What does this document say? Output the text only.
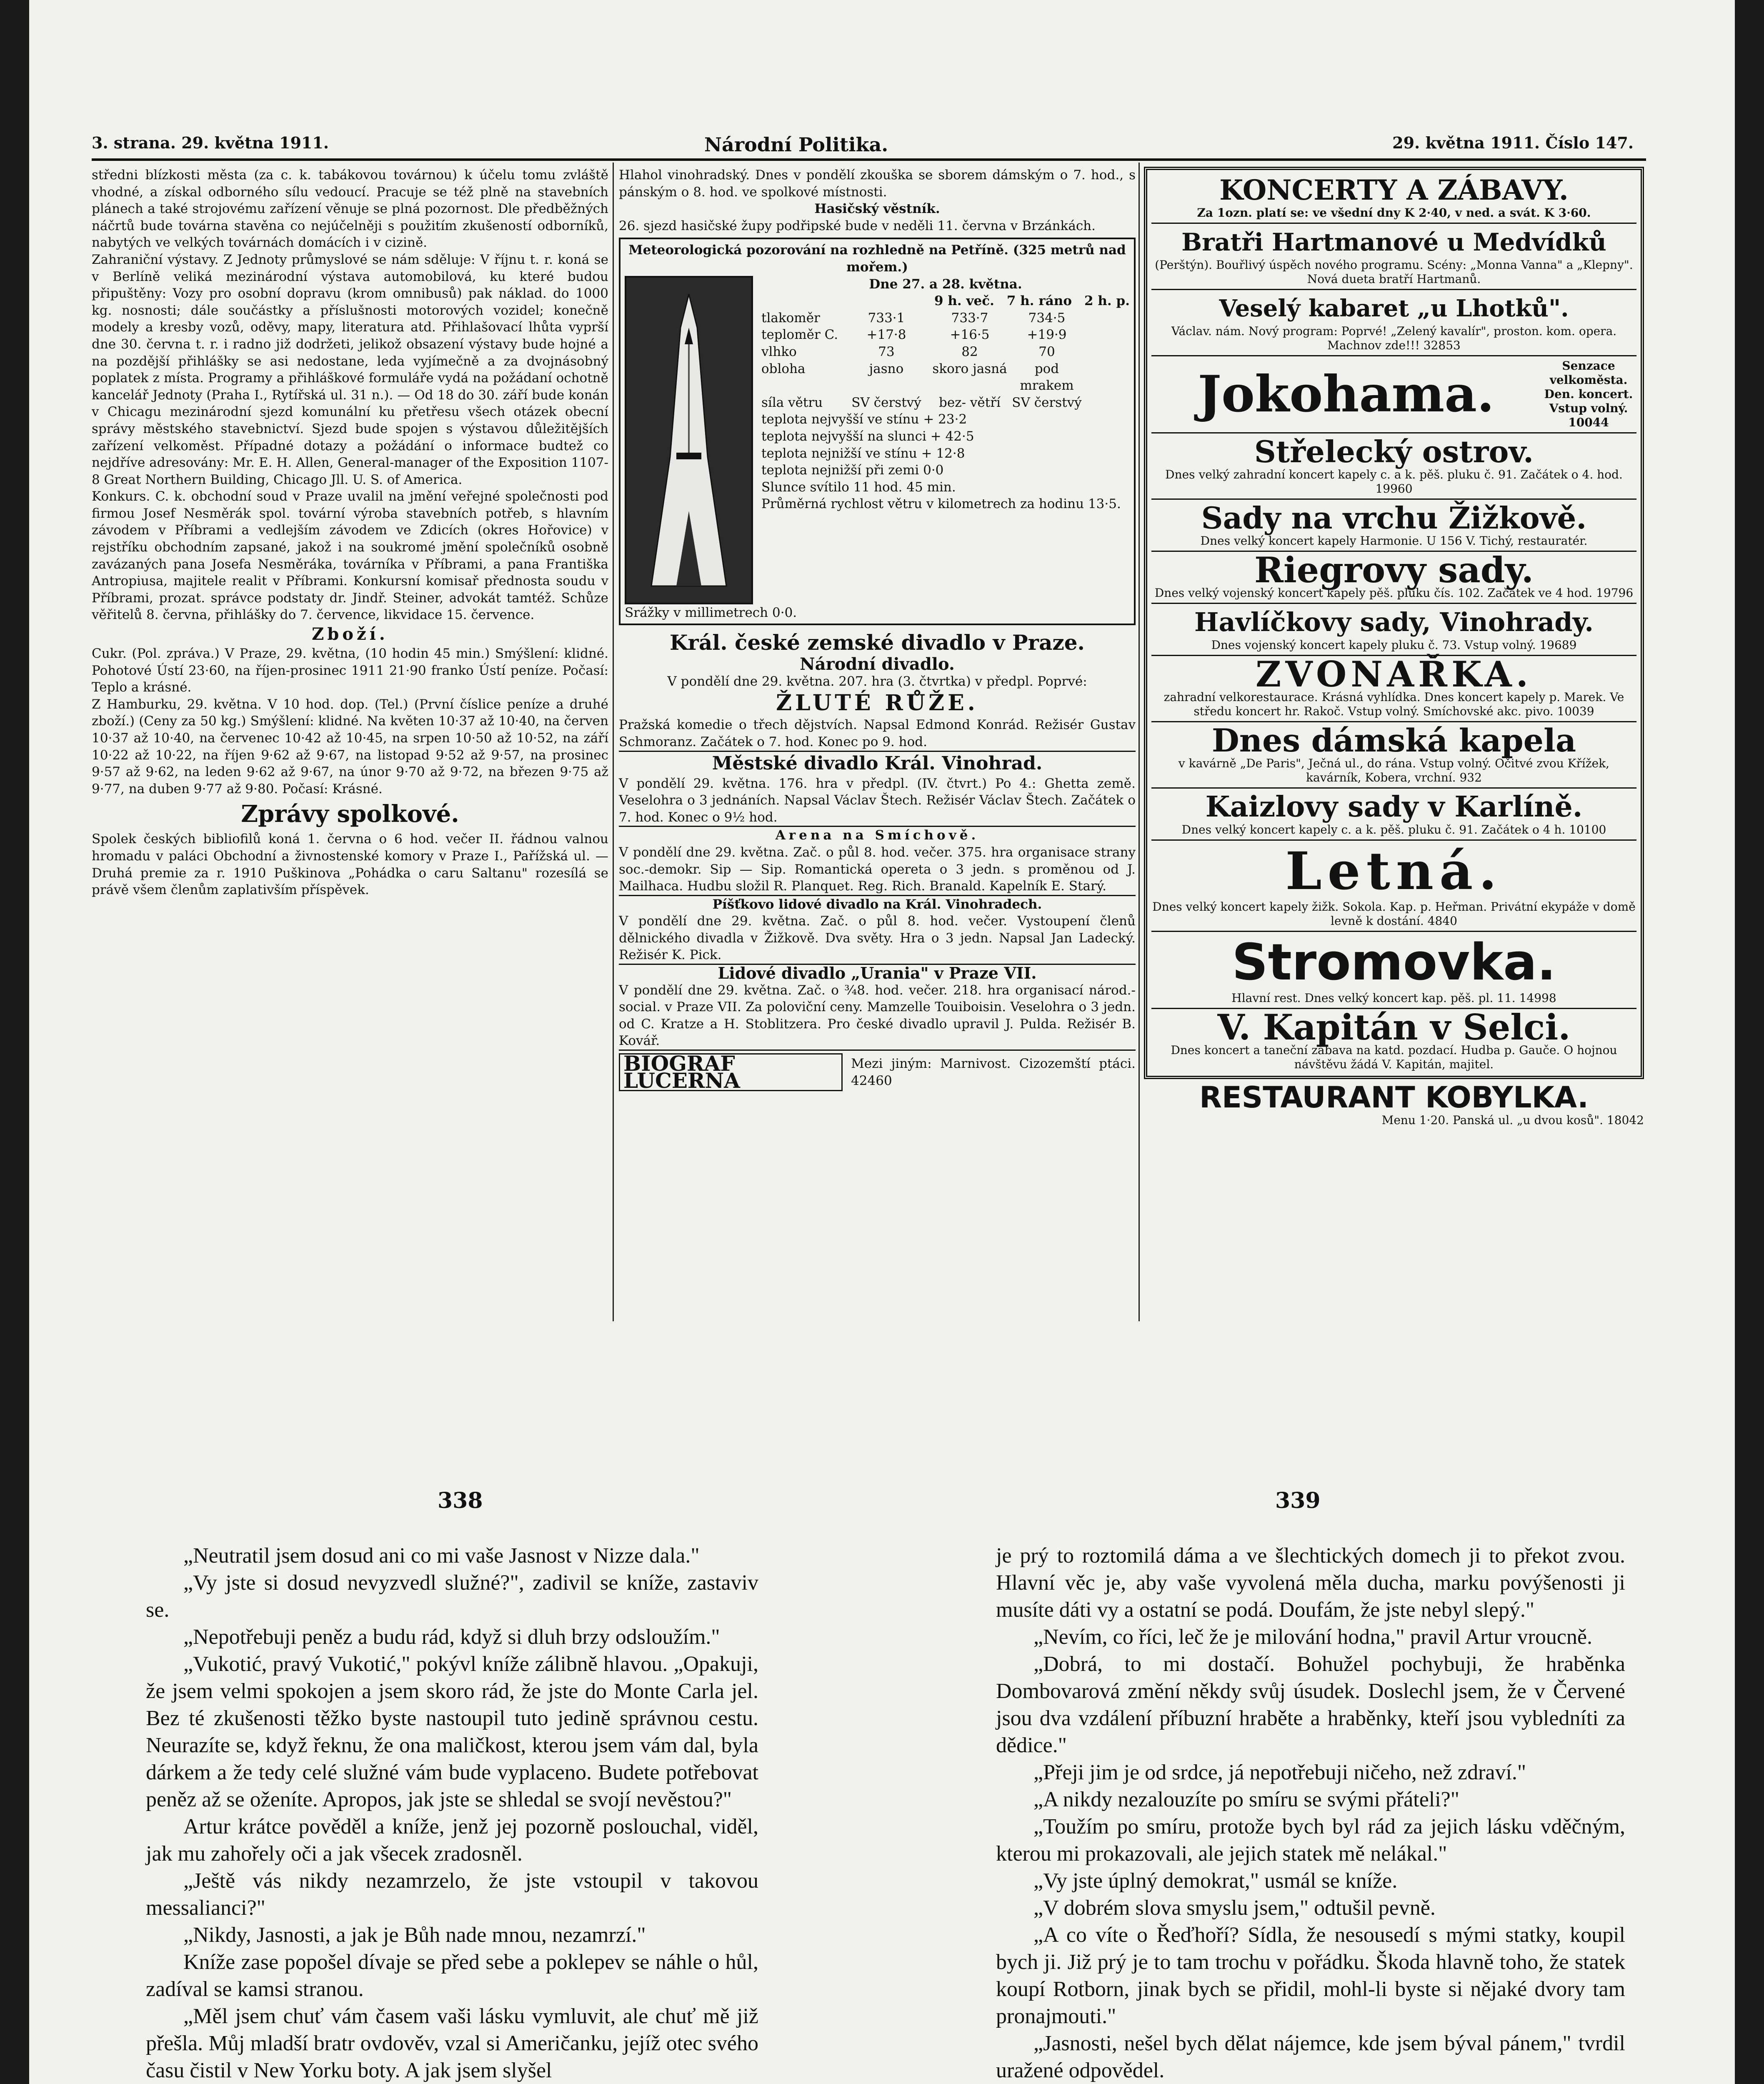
3. strana. 29. května 1911.	Národní Politika.	29. května 1911. Číslo 147.

středni blízkosti města (za c. k. tabákovou továrnou) k účelu tomu zvláště vhodné, a získal odborného sílu vedoucí. Pracuje se též plně na stavebních plánech a také strojovému zařízení věnuje se plná pozornost. Dle předběžných náčrtů bude továrna stavěna co nejúčelněji s použitím zkušeností odborníků, nabytých ve velkých továrnách domácích i v cizině.

Zahraniční výstavy. Z Jednoty průmyslové se nám sděluje: V říjnu t. r. koná se v Berlíně veliká mezinárodní výstava automobilová, ku které budou připuštěny: Vozy pro osobní dopravu (krom omnibusů) pak náklad. do 1000 kg. nosnosti; dále součástky a příslušnosti motorových vozidel; konečně modely a kresby vozů, oděvy, mapy, literatura atd. Přihlašovací lhůta vyprší dne 30. června t. r. i radno již dodržeti, jelikož obsazení výstavy bude hojné a na pozdější přihlášky se asi nedostane, leda vyjímečně a za dvojnásobný poplatek z místa. Programy a přihláškové formuláře vydá na požádaní ochotně kancelář Jednoty (Praha I., Rytířská ul. 31 n.). — Od 18 do 30. září bude konán v Chicagu mezinárodní sjezd komunální ku přetřesu všech otázek obecní správy městského stavebnictví. Sjezd bude spojen s výstavou důležitějších zařízení velkoměst. Případné dotazy a požádání o informace budtež co nejdříve adresovány: Mr. E. H. Allen, General-manager of the Exposition 1107-8 Great Northern Building, Chicago Jll. U. S. of America.

Konkurs. C. k. obchodní soud v Praze uvalil na jmění veřejné společnosti pod firmou Josef Nesměrák spol. tovární výroba stavebních potřeb, s hlavním závodem v Příbrami a vedlejším závodem ve Zdicích (okres Hořovice) v rejstříku obchodním zapsané, jakož i na soukromé jmění společníků osobně zavázaných pana Josefa Nesměráka, továrníka v Příbrami, a pana Františka Antropiusa, majitele realit v Příbrami. Konkursní komisař přednosta soudu v Příbrami, prozat. správce podstaty dr. Jindř. Steiner, advokát tamtéž. Schůze věřitelů 8. června, přihlášky do 7. července, likvidace 15. července.

Zboží.

Cukr. (Pol. zpráva.) V Praze, 29. května, (10 hodin 45 min.) Smýšlení: klidné. Pohotové Ústí 23·60, na říjen-prosinec 1911 21·90 franko Ústí peníze. Počasí: Teplo a krásné.

Z Hamburku, 29. května. V 10 hod. dop. (Tel.) (První číslice peníze a druhé zboží.) (Ceny za 50 kg.) Smýšlení: klidné. Na květen 10·37 až 10·40, na červen 10·37 až 10·40, na červenec 10·42 až 10·45, na srpen 10·50 až 10·52, na září 10·22 až 10·22, na říjen 9·62 až 9·67, na listopad 9·52 až 9·57, na prosinec 9·57 až 9·62, na leden 9·62 až 9·67, na únor 9·70 až 9·72, na březen 9·75 až 9·77, na duben 9·77 až 9·80. Počasí: Krásné.

Zprávy spolkové.

Spolek českých bibliofilů koná 1. června o 6 hod. večer II. řádnou valnou hromadu v paláci Obchodní a živnostenské komory v Praze I., Pařížská ul. — Druhá premie za r. 1910 Puškinova „Pohádka o caru Saltanu" rozesílá se právě všem členům zaplativším příspěvek.

Hlahol vinohradský. Dnes v pondělí zkouška se sborem dámským o 7. hod., s pánským o 8. hod. ve spolkové místnosti.

Hasičský věstník.

26. sjezd hasičské župy podřipské bude v neděli 11. června v Brzánkách.

Meteorologická pozorování na rozhledně na Petříně. (325 metrů nad mořem.)

Dne 27. a 28. května.

9 h. več. 7 h. ráno 2 h. p.
tlakoměr	733·1	733·7	734·5
teploměr C.	+17·8	+16·5	+19·9
vlhko	73	82	70
obloha	jasno	skoro jasná	pod mrakem
síla větru	SV čerstvý	bez- větří SV čerstvý

teplota nejvyšší ve stínu + 23·2

teplota nejvyšší na slunci + 42·5

teplota nejnižší ve stínu + 12·8

teplota nejnižší při zemi 0·0

Slunce svítilo 11 hod. 45 min.

Průměrná rychlost větru v kilometrech za hodinu 13·5.

Srážky v millimetrech 0·0.

Král. české zemské divadlo v Praze.

Národní divadlo.

V pondělí dne 29. května. 207. hra (3. čtvrtka) v předpl. Poprvé:

ŽLUTÉ RŮŽE.

Pražská komedie o třech dějstvích. Napsal Edmond Konrád. Režisér Gustav Schmoranz. Začátek o 7. hod. Konec po 9. hod.

Městské divadlo Král. Vinohrad.

V pondělí 29. května. 176. hra v předpl. (IV. čtvrt.) Po 4.: Ghetta země. Veselohra o 3 jednáních. Napsal Václav Štech. Režisér Václav Štech. Začátek o 7. hod. Konec o 9½ hod.

Arena na Smíchově.

V pondělí dne 29. května. Zač. o půl 8. hod. večer. 375. hra organisace strany soc.-demokr. Sip — Sip. Romantická opereta o 3 jedn. s proměnou od J. Mailhaca. Hudbu složil R. Planquet. Reg. Rich. Branald. Kapelník E. Starý.

Píšťkovo lidové divadlo na Král. Vinohradech.

V pondělí dne 29. května. Zač. o půl 8. hod. večer. Vystoupení členů dělnického divadla v Žižkově. Dva světy. Hra o 3 jedn. Napsal Jan Ladecký. Režisér K. Pick.

Lidové divadlo „Urania" v Praze VII.

V pondělí dne 29. května. Zač. o ¾8. hod. večer. 218. hra organisací národ.-social. v Praze VII. Za polovičnı́ ceny. Mamzelle Touiboisin. Veselohra o 3 jedn. od C. Kratze a H. Stoblitzera. Pro české divadlo upravil J. Pulda. Režisér B. Kovář.

BIOGRAF LUCERNA
Mezi jiným: Marnivost. Cizozemští ptáci. 42460
KONCERTY A ZÁBAVY.
Za 1ozn. platí se: ve všední dny K 2·40, v ned. a svát. K 3·60.
Bratři Hartmanové u Medvídků
(Perštýn). Bouřlivý úspěch nového programu. Scény: „Monna Vanna" a „Klepny". Nová dueta bratří Hartmanů.
Veselý kabaret „u Lhotků".
Václav. nám. Nový program: Poprvé! „Zelený kavalír", proston. kom. opera. Machnov zde!!! 32853
Jokohama.	Senzace velkoměsta. Den. koncert. Vstup volný. 10044
Střelecký ostrov.
Dnes velký zahradní koncert kapely c. a k. pěš. pluku č. 91. Začátek o 4. hod. 19960
Sady na vrchu Žižkově.
Dnes velký koncert kapely Harmonie. U 156 V. Tichý, restauratér.
Riegrovy sady.
Dnes velký vojenský koncert kapely pěš. pluku čís. 102. Začátek ve 4 hod. 19796
Havlíčkovy sady, Vinohrady.
Dnes vojenský koncert kapely pluku č. 73. Vstup volný. 19689
ZVONAŘKA.
zahradní velkorestaurace. Krásná vyhlídka. Dnes koncert kapely p. Marek. Ve středu koncert hr. Rakoč. Vstup volný. Smíchovské akc. pivo. 10039
Dnes dámská kapela
v kavárně „De Paris", Ječná ul., do rána. Vstup volný. Očitvé zvou Křížek, kavárník, Kobera, vrchní. 932
Kaizlovy sady v Karlíně.
Dnes velký koncert kapely c. a k. pěš. pluku č. 91. Začátek o 4 h. 10100
Letná.
Dnes velký koncert kapely žižk. Sokola. Kap. p. Heřman. Privátní ekypáže v domě levně k dostání. 4840
Stromovka.
Hlavní rest. Dnes velký koncert kap. pěš. pl. 11. 14998
V. Kapitán v Selci.
Dnes koncert a taneční zábava na katd. pozdací. Hudba p. Gauče. O hojnou návštěvu žádá V. Kapitán, majitel.
RESTAURANT KOBYLKA.
Menu 1·20. Panská ul. „u dvou kosů". 18042
338	339

„Neutratil jsem dosud ani co mi vaše Jasnost v Nizze dala."

„Vy jste si dosud nevyzvedl služné?", zadivil se kníže, zastaviv se.

„Nepotřebuji peněz a budu rád, když si dluh brzy odsloužím."

„Vukotić, pravý Vukotić," pokývl kníže zálibně hlavou. „Opakuji, že jsem velmi spokojen a jsem skoro rád, že jste do Monte Carla jel. Bez té zkušenosti těžko byste nastoupil tuto jedině správnou cestu. Neurazíte se, když řeknu, že ona maličkost, kterou jsem vám dal, byla dárkem a že tedy celé služné vám bude vyplaceno. Budete potřebovat peněz až se oženíte. Apropos, jak jste se shledal se svojí nevěstou?"

Artur krátce pověděl a kníže, jenž jej pozorně poslouchal, viděl, jak mu zahořely oči a jak všecek zradosněl.

„Ještě vás nikdy nezamrzelo, že jste vstoupil v takovou messalianci?"

„Nikdy, Jasnosti, a jak je Bůh nade mnou, nezamrzí."

Kníže zase popošel dívaje se před sebe a poklepev se náhle o hůl, zadíval se kamsi stranou.

„Měl jsem chuť vám časem vaši lásku vymluvit, ale chuť mě již přešla. Můj mladší bratr ovdověv, vzal si Američanku, jejíž otec svého času čistil v New Yorku boty. A jak jsem slyšel

je prý to roztomilá dáma a ve šlechtických domech ji to překot zvou. Hlavní věc je, aby vaše vyvolená měla ducha, marku povýšenosti ji musíte dáti vy a ostatní se podá. Doufám, že jste nebyl slepý."

„Nevím, co říci, leč že je milování hodna," pravil Artur vroucně.

„Dobrá, to mi dostačí. Bohužel pochybuji, že hraběnka Dombovarová změní někdy svůj úsudek. Doslechl jsem, že v Červené jsou dva vzdálení příbuzní hraběte a hraběnky, kteří jsou vybledníti za dědice."

„Přeji jim je od srdce, já nepotřebuji ničeho, než zdraví."

„A nikdy nezalouzíte po smíru se svými přáteli?"

„Toužím po smíru, protože bych byl rád za jejich lásku vděčným, kterou mi prokazovali, ale jejich statek mě nelákal."

„Vy jste úplný demokrat," usmál se kníže.

„V dobrém slova smyslu jsem," odtušil pevně.

„A co víte o Řeďhoří? Sídla, že nesousedí s mými statky, koupil bych ji. Již prý je to tam trochu v pořádku. Škoda hlavně toho, že statek koupí Rotborn, jinak bych se přidil, mohl-li byste si nějaké dvory tam pronajmouti."

„Jasnosti, nešel bych dělat nájemce, kde jsem býval pánem," tvrdil uražené odpovědel.
